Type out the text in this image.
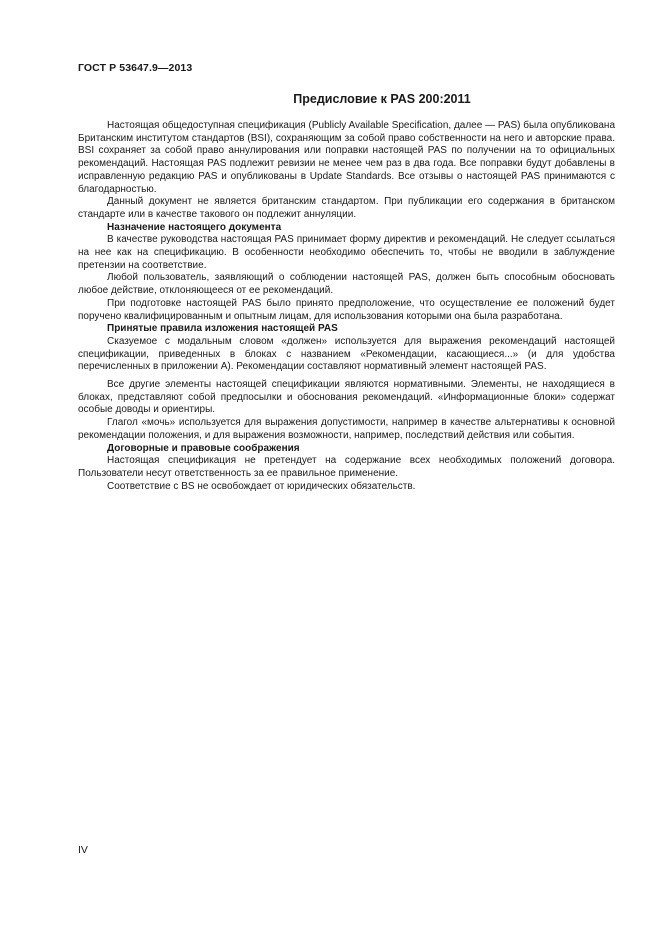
ГОСТ Р 53647.9—2013
Предисловие к PAS 200:2011

Настоящая общедоступная спецификация (Publicly Available Specification, далее — PAS) была опубликована Британским институтом стандартов (BSI), сохраняющим за собой право собственности на него и авторские права. BSI сохраняет за собой право аннулирования или поправки настоящей PAS по получении на то официальных рекомендаций. Настоящая PAS подлежит ревизии не менее чем раз в два года. Все поправки будут добавлены в исправленную редакцию PAS и опубликованы в Update Standards. Все отзывы о настоящей PAS принимаются с благодарностью.

Данный документ не является британским стандартом. При публикации его содержания в британском стандарте или в качестве такового он подлежит аннуляции.

Назначение настоящего документа

В качестве руководства настоящая PAS принимает форму директив и рекомендаций. Не следует ссылаться на нее как на спецификацию. В особенности необходимо обеспечить то, чтобы не вводили в заблуждение претензии на соответствие.

Любой пользователь, заявляющий о соблюдении настоящей PAS, должен быть способным обосновать любое действие, отклоняющееся от ее рекомендаций.

При подготовке настоящей PAS было принято предположение, что осуществление ее положений будет поручено квалифицированным и опытным лицам, для использования которыми она была разработана.

Принятые правила изложения настоящей PAS

Сказуемое с модальным словом «должен» используется для выражения рекомендаций настоящей спецификации, приведенных в блоках с названием «Рекомендации, касающиеся...» (и для удобства перечисленных в приложении А). Рекомендации составляют нормативный элемент настоящей PAS.

Все другие элементы настоящей спецификации являются нормативными. Элементы, не находящиеся в блоках, представляют собой предпосылки и обоснования рекомендаций. «Информационные блоки» содержат особые доводы и ориентиры.

Глагол «мочь» используется для выражения допустимости, например в качестве альтернативы к основной рекомендации положения, и для выражения возможности, например, последствий действия или события.

Договорные и правовые соображения

Настоящая спецификация не претендует на содержание всех необходимых положений договора. Пользователи несут ответственность за ее правильное применение.

Соответствие с BS не освобождает от юридических обязательств.

IV
